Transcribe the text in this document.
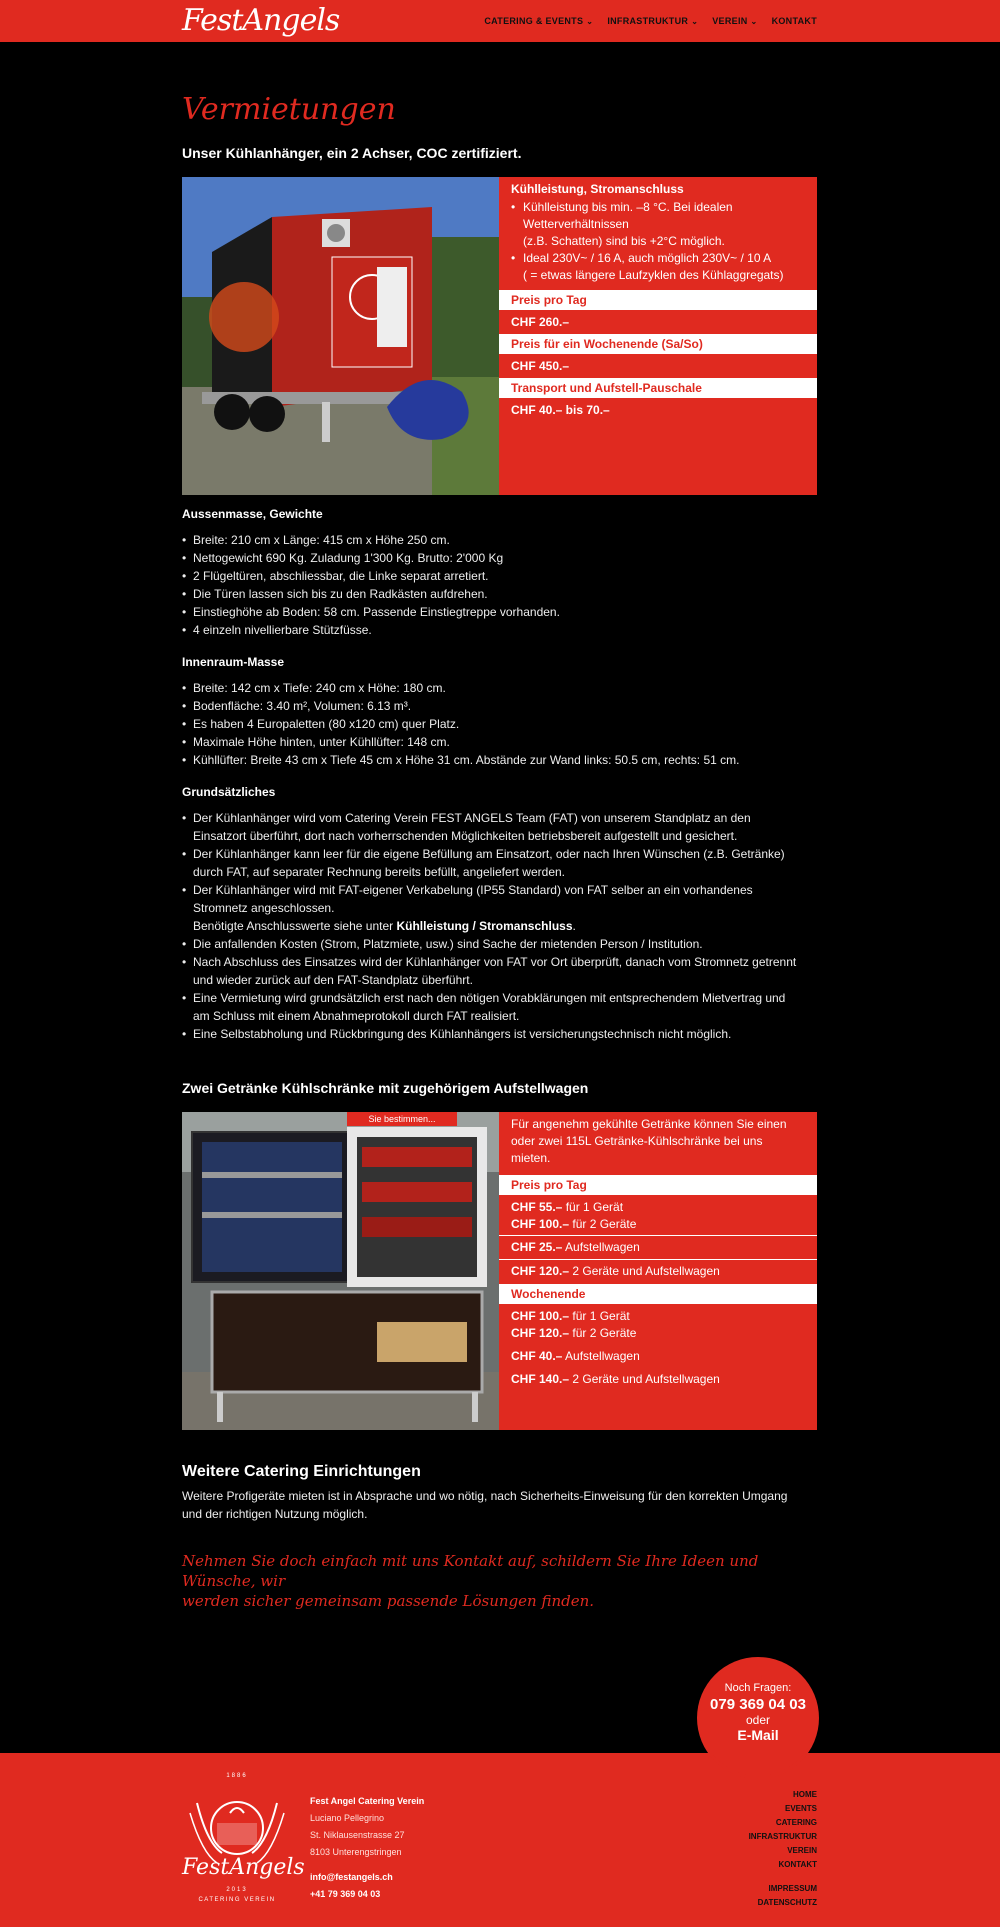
FestAngels	CATERING & EVENTS ⌄ INFRASTRUKTUR ⌄ VEREIN ⌄ KONTAKT
Vermietungen
Unser Kühlanhänger, ein 2 Achser, COC zertifiziert.
Kühlleistung, Stromanschluss
• Kühlleistung bis min. –8 °C. Bei idealen
Wetterverhältnissen
(z.B. Schatten) sind bis +2°C möglich.
• Ideal 230V~ / 16 A, auch möglich 230V~ / 10 A
( = etwas längere Laufzyklen des Kühlaggregats)
Preis pro Tag
CHF 260.–
Preis für ein Wochenende (Sa/So)
CHF 450.–
Transport und Aufstell-Pauschale
CHF 40.– bis 70.–
Aussenmasse, Gewichte
• Breite: 210 cm x Länge: 415 cm x Höhe 250 cm.
• Nettogewicht 690 Kg. Zuladung 1'300 Kg. Brutto: 2'000 Kg
• 2 Flügeltüren, abschliessbar, die Linke separat arretiert.
• Die Türen lassen sich bis zu den Radkästen aufdrehen.
• Einstieghöhe ab Boden: 58 cm. Passende Einstiegtreppe vorhanden.
• 4 einzeln nivellierbare Stützfüsse.
Innenraum-Masse
• Breite: 142 cm x Tiefe: 240 cm x Höhe: 180 cm.
• Bodenfläche: 3.40 m², Volumen: 6.13 m³.
• Es haben 4 Europaletten (80 x120 cm) quer Platz.
• Maximale Höhe hinten, unter Kühllüfter: 148 cm.
• Kühllüfter: Breite 43 cm x Tiefe 45 cm x Höhe 31 cm. Abstände zur Wand links: 50.5 cm, rechts: 51 cm.
Grundsätzliches
• Der Kühlanhänger wird vom Catering Verein FEST ANGELS Team (FAT) von unserem Standplatz an den
Einsatzort überführt, dort nach vorherrschenden Möglichkeiten betriebsbereit aufgestellt und gesichert.
• Der Kühlanhänger kann leer für die eigene Befüllung am Einsatzort, oder nach Ihren Wünschen (z.B. Getränke)
durch FAT, auf separater Rechnung bereits befüllt, angeliefert werden.
• Der Kühlanhänger wird mit FAT-eigener Verkabelung (IP55 Standard) von FAT selber an ein vorhandenes
Stromnetz angeschlossen.
Benötigte Anschlusswerte siehe unter Kühlleistung / Stromanschluss.
• Die anfallenden Kosten (Strom, Platzmiete, usw.) sind Sache der mietenden Person / Institution.
• Nach Abschluss des Einsatzes wird der Kühlanhänger von FAT vor Ort überprüft, danach vom Stromnetz getrennt
und wieder zurück auf den FAT-Standplatz überführt.
• Eine Vermietung wird grundsätzlich erst nach den nötigen Vorabklärungen mit entsprechendem Mietvertrag und
am Schluss mit einem Abnahmeprotokoll durch FAT realisiert.
• Eine Selbstabholung und Rückbringung des Kühlanhängers ist versicherungstechnisch nicht möglich.
Zwei Getränke Kühlschränke mit zugehörigem Aufstellwagen
Sie bestimmen...	Für angenehm gekühlte Getränke können Sie einen
oder zwei 115L Getränke-Kühlschränke bei uns
mieten.
Preis pro Tag
CHF 55.– für 1 Gerät
CHF 100.– für 2 Geräte
CHF 25.– Aufstellwagen
CHF 120.– 2 Geräte und Aufstellwagen
Wochenende
CHF 100.– für 1 Gerät
CHF 120.– für 2 Geräte
CHF 40.– Aufstellwagen
CHF 140.– 2 Geräte und Aufstellwagen
Weitere Catering Einrichtungen
Weitere Profigeräte mieten ist in Absprache und wo nötig, nach Sicherheits-Einweisung für den korrekten Umgang
und der richtigen Nutzung möglich.
Nehmen Sie doch einfach mit uns Kontakt auf, schildern Sie Ihre Ideen und Wünsche, wir
werden sicher gemeinsam passende Lösungen finden.
1886
FestAngels
2013
CATERING VEREIN
Fest Angel Catering Verein
Luciano Pellegrino
St. Niklausenstrasse 27
8103 Unterengstringen
info@festangels.ch
+41 79 369 04 03
HOME
EVENTS
CATERING
INFRASTRUKTUR
VEREIN
KONTAKT
IMPRESSUM
DATENSCHUTZ
Noch Fragen:
079 369 04 03
oder
E-Mail
